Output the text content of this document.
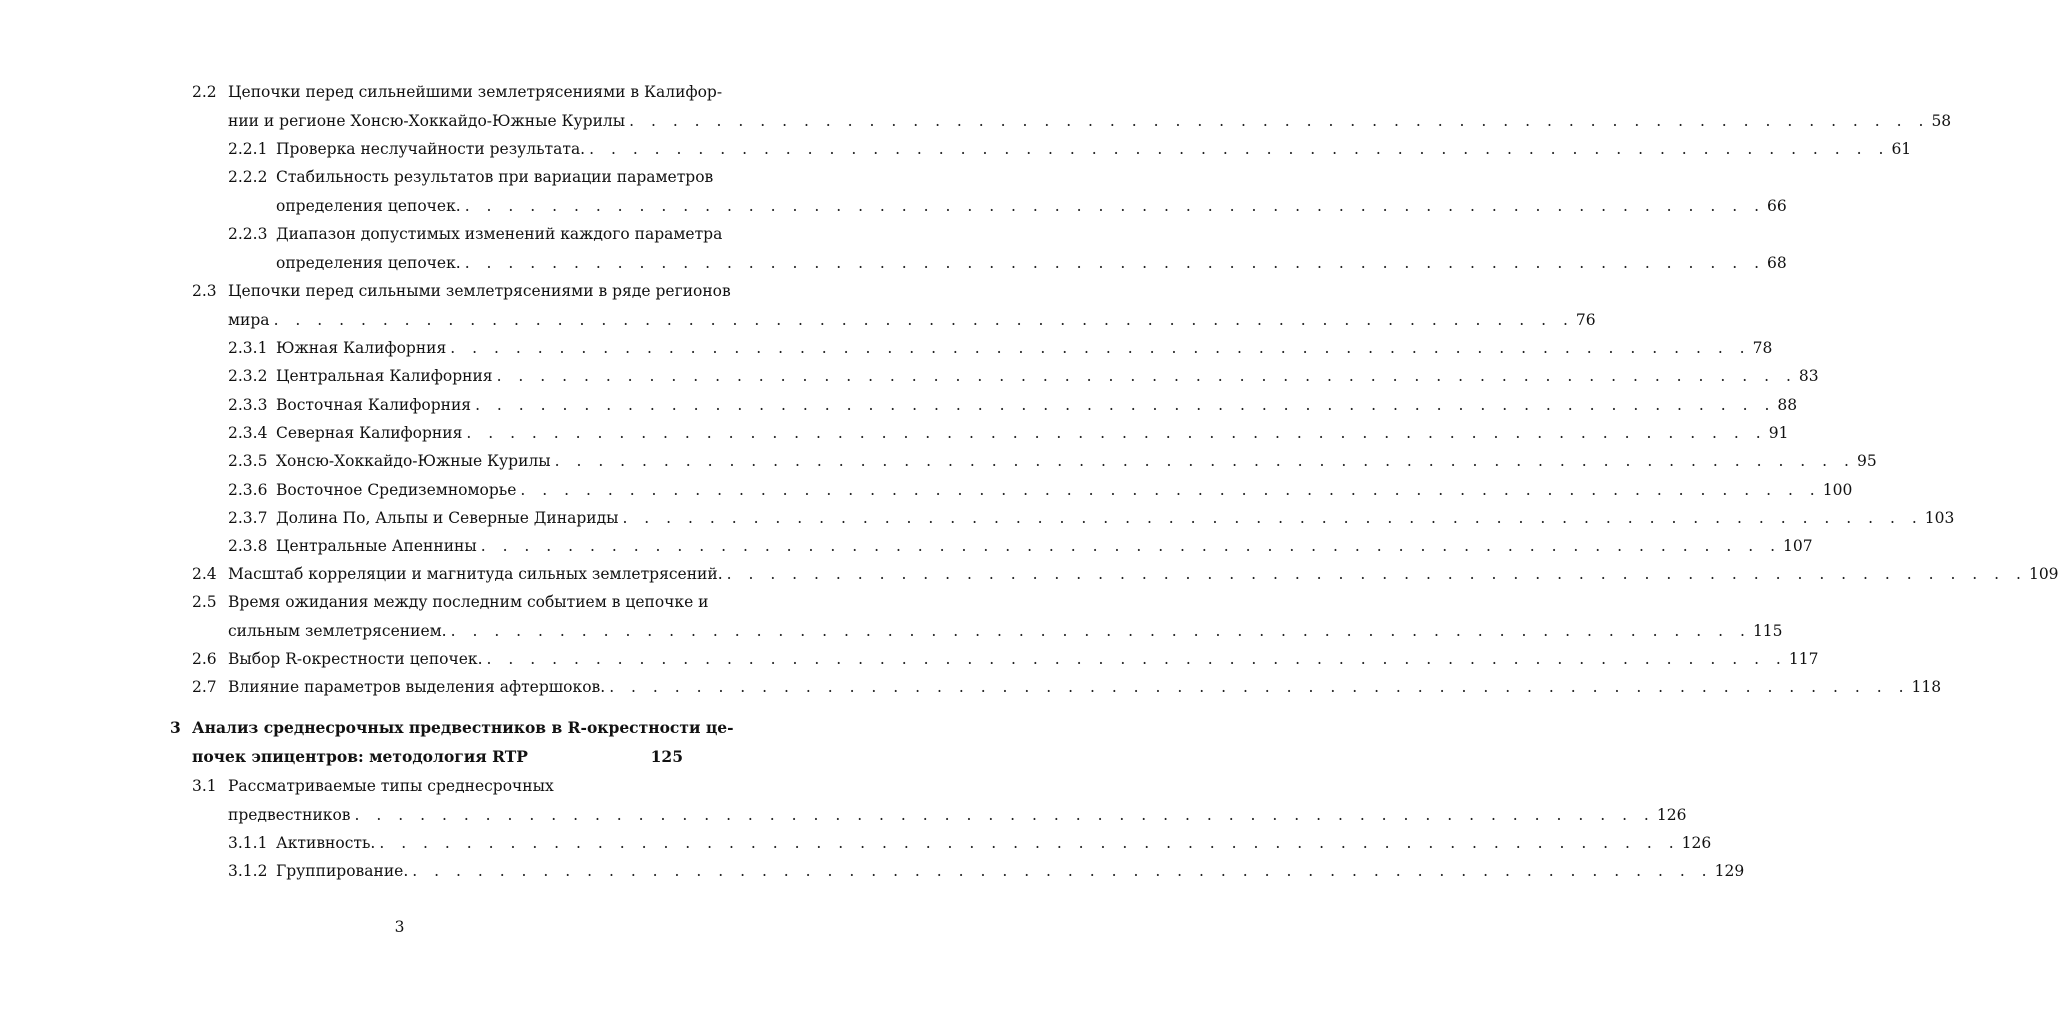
2.2 Цепочки перед сильнейшими землетрясениями в Калифор-
нии и регионе Хонсю-Хоккайдо-Южные Курилы . . . . . . . . . . . . . . . . . . . . . . . . . . . . . . . . . . . . . . . . . . . . . . . . . . . . . . . . . . . . 58
2.2.1 Проверка неслучайности результата. . . . . . . . . . . . . . . . . . . . . . . . . . . . . . . . . . . . . . . . . . . . . . . . . . . . . . . . . . . . . 61
2.2.2 Стабильность результатов при вариации параметров
определения цепочек. . . . . . . . . . . . . . . . . . . . . . . . . . . . . . . . . . . . . . . . . . . . . . . . . . . . . . . . . . . . . 66
2.2.3 Диапазон допустимых изменений каждого параметра
определения цепочек. . . . . . . . . . . . . . . . . . . . . . . . . . . . . . . . . . . . . . . . . . . . . . . . . . . . . . . . . . . . . 68
2.3 Цепочки перед сильными землетрясениями в ряде регионов
мира . . . . . . . . . . . . . . . . . . . . . . . . . . . . . . . . . . . . . . . . . . . . . . . . . . . . . . . . . . . . 76
2.3.1 Южная Калифорния . . . . . . . . . . . . . . . . . . . . . . . . . . . . . . . . . . . . . . . . . . . . . . . . . . . . . . . . . . . . 78
2.3.2 Центральная Калифорния . . . . . . . . . . . . . . . . . . . . . . . . . . . . . . . . . . . . . . . . . . . . . . . . . . . . . . . . . . . . 83
2.3.3 Восточная Калифорния . . . . . . . . . . . . . . . . . . . . . . . . . . . . . . . . . . . . . . . . . . . . . . . . . . . . . . . . . . . . 88
2.3.4 Северная Калифорния . . . . . . . . . . . . . . . . . . . . . . . . . . . . . . . . . . . . . . . . . . . . . . . . . . . . . . . . . . . . 91
2.3.5 Хонсю-Хоккайдо-Южные Курилы . . . . . . . . . . . . . . . . . . . . . . . . . . . . . . . . . . . . . . . . . . . . . . . . . . . . . . . . . . . . 95
2.3.6 Восточное Средиземноморье . . . . . . . . . . . . . . . . . . . . . . . . . . . . . . . . . . . . . . . . . . . . . . . . . . . . . . . . . . . . 100
2.3.7 Долина По, Альпы и Северные Динариды . . . . . . . . . . . . . . . . . . . . . . . . . . . . . . . . . . . . . . . . . . . . . . . . . . . . . . . . . . . . 103
2.3.8 Центральные Апеннины . . . . . . . . . . . . . . . . . . . . . . . . . . . . . . . . . . . . . . . . . . . . . . . . . . . . . . . . . . . . 107
2.4 Масштаб корреляции и магнитуда сильных землетрясений. . . . . . . . . . . . . . . . . . . . . . . . . . . . . . . . . . . . . . . . . . . . . . . . . . . . . . . . . . . . . 109
2.5 Время ожидания между последним событием в цепочке и
сильным землетрясением. . . . . . . . . . . . . . . . . . . . . . . . . . . . . . . . . . . . . . . . . . . . . . . . . . . . . . . . . . . . . 115
2.6 Выбор R-окрестности цепочек. . . . . . . . . . . . . . . . . . . . . . . . . . . . . . . . . . . . . . . . . . . . . . . . . . . . . . . . . . . . . 117
2.7 Влияние параметров выделения афтершоков. . . . . . . . . . . . . . . . . . . . . . . . . . . . . . . . . . . . . . . . . . . . . . . . . . . . . . . . . . . . . 118
3 Анализ среднесрочных предвестников в R-окрестности це-
почек эпицентров: методология RTP	125
3.1 Рассматриваемые типы среднесрочных
предвестников . . . . . . . . . . . . . . . . . . . . . . . . . . . . . . . . . . . . . . . . . . . . . . . . . . . . . . . . . . . . 126
3.1.1 Активность. . . . . . . . . . . . . . . . . . . . . . . . . . . . . . . . . . . . . . . . . . . . . . . . . . . . . . . . . . . . . 126
3.1.2 Группирование. . . . . . . . . . . . . . . . . . . . . . . . . . . . . . . . . . . . . . . . . . . . . . . . . . . . . . . . . . . . . 129
3
